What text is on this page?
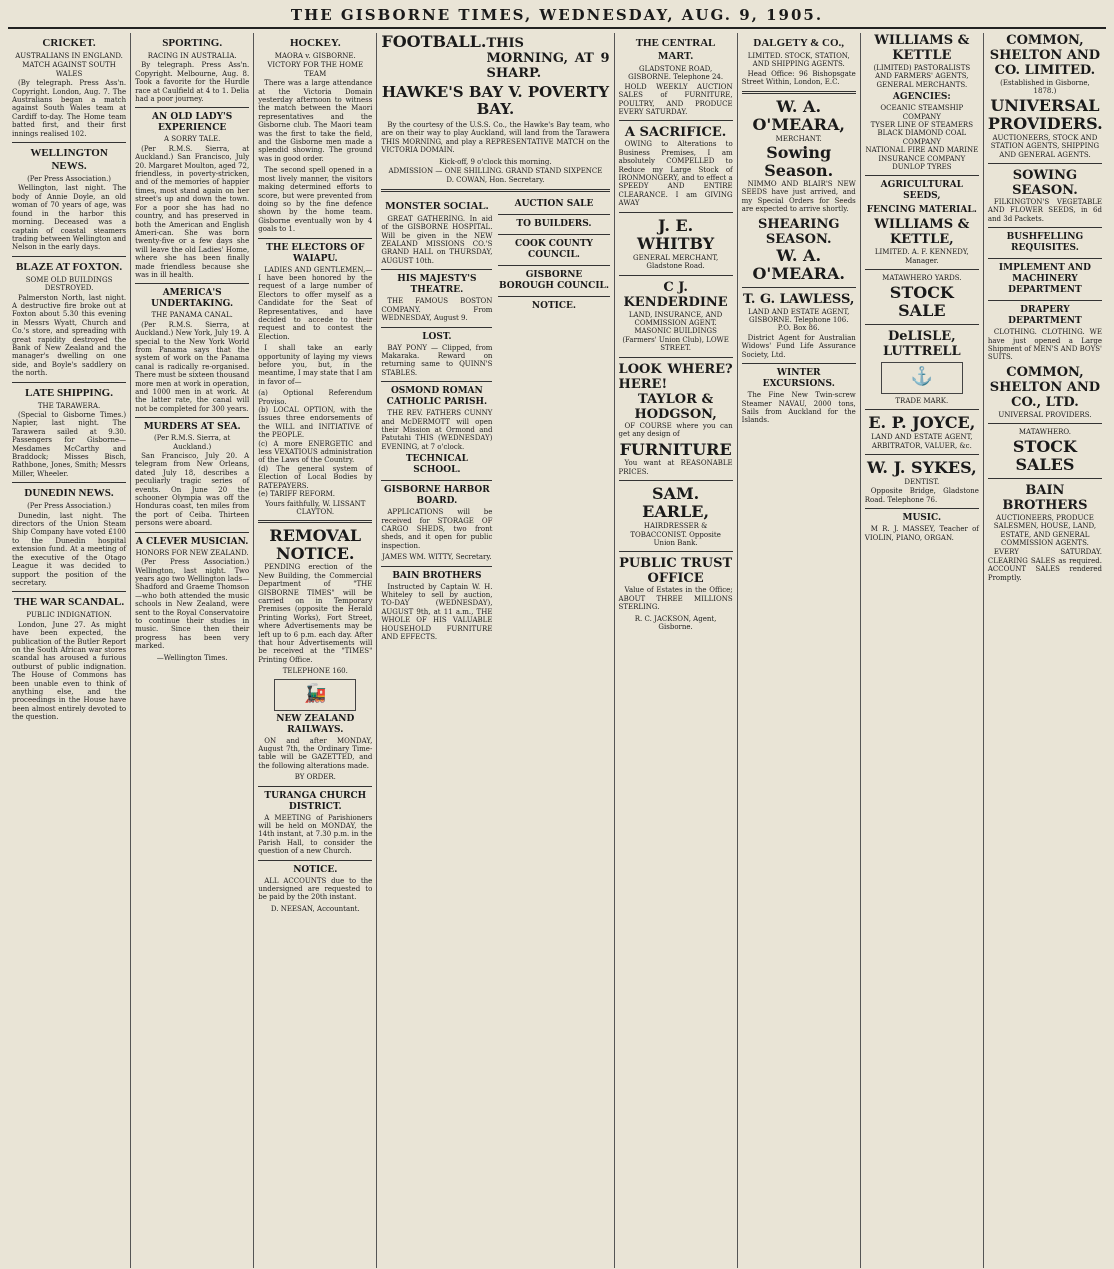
THE GISBORNE TIMES, WEDNESDAY, AUG. 9, 1905.
CRICKET.
AUSTRALIANS IN ENGLAND.
MATCH AGAINST SOUTH WALES

(By telegraph. Press Ass'n. Copyright. London, Aug. 7. The Australians began a match against South Wales team at Cardiff to-day. The Home team batted first, and their first innings realised 102.

WELLINGTON NEWS.
(Per Press Association.)

Wellington, last night. The body of Annie Doyle, an old woman of 70 years of age, was found in the harbor this morning. Deceased was a captain of coastal steamers trading between Wellington and Nelson in the early days.

BLAZE AT FOXTON.
SOME OLD BUILDINGS DESTROYED.

Palmerston North, last night. A destructive fire broke out at Foxton about 5.30 this evening in Messrs Wyatt, Church and Co.'s store, and spreading with great rapidity destroyed the Bank of New Zealand and the manager's dwelling on one side, and Boyle's saddlery on the north.

LATE SHIPPING.
THE TARAWERA.

(Special to Gisborne Times.) Napier, last night. The Tarawera sailed at 9.30. Passengers for Gisborne—Mesdames McCarthy and Braddock; Misses Bisch, Rathbone, Jones, Smith; Messrs Miller, Wheeler.

DUNEDIN NEWS.
(Per Press Association.)

Dunedin, last night. The directors of the Union Steam Ship Company have voted £100 to the Dunedin hospital extension fund. At a meeting of the executive of the Otago League it was decided to support the position of the secretary.

THE WAR SCANDAL.
PUBLIC INDIGNATION.

London, June 27. As might have been expected, the publication of the Butler Report on the South African war stores scandal has aroused a furious outburst of public indignation. The House of Commons has been unable even to think of anything else, and the proceedings in the House have been almost entirely devoted to the question.

SPORTING.
RACING IN AUSTRALIA.

By telegraph. Press Ass'n. Copyright. Melbourne, Aug. 8. Took a favorite for the Hurdle race at Caulfield at 4 to 1. Delia had a poor journey.

AN OLD LADY'S EXPERIENCE
A SORRY TALE.

(Per R.M.S. Sierra, at Auckland.) San Francisco, July 20. Margaret Moulton, aged 72, friendless, in poverty-stricken, and of the memories of happier times, most stand again on her street's up and down the town. For a poor she has had no country, and has preserved in both the American and English Ameri-can. She was born twenty-five or a few days she will leave the old Ladies' Home, where she has been finally made friendless because she was in ill health.

AMERICA'S UNDERTAKING.
THE PANAMA CANAL.

(Per R.M.S. Sierra, at Auckland.) New York, July 19. A special to the New York World from Panama says that the system of work on the Panama canal is radically re-organised. There must be sixteen thousand more men at work in operation, and 1000 men in at work. At the latter rate, the canal will not be completed for 300 years.

MURDERS AT SEA.
(Per R.M.S. Sierra, at Auckland.)

San Francisco, July 20. A telegram from New Orleans, dated July 18, describes a peculiarly tragic series of events. On June 20 the schooner Olympia was off the Honduras coast, ten miles from the port of Ceiba. Thirteen persons were aboard.

A CLEVER MUSICIAN.
HONORS FOR NEW ZEALAND.

(Per Press Association.) Wellington, last night. Two years ago two Wellington lads—Shadford and Graeme Thomson—who both attended the music schools in New Zealand, were sent to the Royal Conservatoire to continue their studies in music. Since then their progress has been very marked.

—Wellington Times.
HOCKEY.
MAORA v. GISBORNE.
VICTORY FOR THE HOME TEAM

There was a large attendance at the Victoria Domain yesterday afternoon to witness the match between the Maori representatives and the Gisborne club. The Maori team was the first to take the field, and the Gisborne men made a splendid showing. The ground was in good order.

The second spell opened in a most lively manner, the visitors making determined efforts to score, but were prevented from doing so by the fine defence shown by the home team. Gisborne eventually won by 4 goals to 1.

THE ELECTORS OF WAIAPU.

LADIES AND GENTLEMEN,— I have been honored by the request of a large number of Electors to offer myself as a Candidate for the Seat of Representatives, and have decided to accede to their request and to contest the Election.

I shall take an early opportunity of laying my views before you, but, in the meantime, I may state that I am in favor of—

(a) Optional Referendum Proviso.
(b) LOCAL OPTION, with the Issues three endorsements of the WILL and INITIATIVE of the PEOPLE.
(c) A more ENERGETIC and less VEXATIOUS administration of the Laws of the Country.
(d) The general system of Election of Local Bodies by RATEPAYERS.
(e) TARIFF REFORM.
Yours faithfully, W. LISSANT CLAYTON.
REMOVAL NOTICE.

PENDING erection of the New Building, the Commercial Department of "THE GISBORNE TIMES" will be carried on in Temporary Premises (opposite the Herald Printing Works), Fort Street, where Advertisements may be left up to 6 p.m. each day. After that hour Advertisements will be received at the "TIMES" Printing Office.

TELEPHONE 160.
🚂
NEW ZEALAND RAILWAYS.

ON and after MONDAY, August 7th, the Ordinary Time-table will be GAZETTED, and the following alterations made.

BY ORDER.
TURANGA CHURCH DISTRICT.

A MEETING of Parishioners will be held on MONDAY, the 14th instant, at 7.30 p.m. in the Parish Hall, to consider the question of a new Church.

NOTICE.

ALL ACCOUNTS due to the undersigned are requested to be paid by the 20th instant.

D. NEESAN, Accountant.
FOOTBALL. THIS MORNING, AT 9 SHARP.
HAWKE'S BAY V. POVERTY BAY.

By the courtesy of the U.S.S. Co., the Hawke's Bay team, who are on their way to play Auckland, will land from the Tarawera THIS MORNING, and play a REPRESENTATIVE MATCH on the VICTORIA DOMAIN.

Kick-off, 9 o'clock this morning.
ADMISSION — ONE SHILLING. GRAND STAND SIXPENCE
D. COWAN, Hon. Secretary.
MONSTER SOCIAL.

GREAT GATHERING. In aid of the GISBORNE HOSPITAL. Will be given in the NEW ZEALAND MISSIONS CO.'S GRAND HALL on THURSDAY, AUGUST 10th.

HIS MAJESTY'S THEATRE.

THE FAMOUS BOSTON COMPANY. From WEDNESDAY, August 9.

LOST.

BAY PONY — Clipped, from Makaraka. Reward on returning same to QUINN'S STABLES.

OSMOND ROMAN CATHOLIC PARISH.

THE REV. FATHERS CUNNY and McDERMOTT will open their Mission at Ormond and Patutahi THIS (WEDNESDAY) EVENING, at 7 o'clock.

TECHNICAL SCHOOL.
GISBORNE HARBOR BOARD.

APPLICATIONS will be received for STORAGE OF CARGO SHEDS, two front sheds, and it open for public inspection.

JAMES WM. WITTY, Secretary.
BAIN BROTHERS

Instructed by Captain W. H. Whiteley to sell by auction, TO-DAY (WEDNESDAY), AUGUST 9th, at 11 a.m., THE WHOLE OF HIS VALUABLE HOUSEHOLD FURNITURE AND EFFECTS.

AUCTION SALE
TO BUILDERS.
COOK COUNTY COUNCIL.
GISBORNE BOROUGH COUNCIL.
NOTICE.
THE CENTRAL MART.
GLADSTONE ROAD, GISBORNE. Telephone 24.

HOLD WEEKLY AUCTION SALES of FURNITURE, POULTRY, AND PRODUCE EVERY SATURDAY.

A SACRIFICE.

OWING to Alterations to Business Premises, I am absolutely COMPELLED to Reduce my Large Stock of IRONMONGERY, and to effect a SPEEDY AND ENTIRE CLEARANCE. I am GIVING AWAY

J. E. WHITBY
GENERAL MERCHANT, Gladstone Road.
C J. KENDERDINE
LAND, INSURANCE, AND COMMISSION AGENT. MASONIC BUILDINGS (Farmers' Union Club), LOWE STREET.
LOOK HERE!
WHERE?
TAYLOR & HODGSON,

OF COURSE where you can get any design of

FURNITURE

You want at REASONABLE PRICES.

SAM. EARLE,
HAIRDRESSER & TOBACCONIST. Opposite Union Bank.
PUBLIC TRUST OFFICE

Value of Estates in the Office; ABOUT THREE MILLIONS STERLING.

R. C. JACKSON, Agent, Gisborne.
DALGETY & CO.,
LIMITED. STOCK, STATION, AND SHIPPING AGENTS.

Head Office: 96 Bishopsgate Street Within, London, E.C.

W. A. O'MEARA,
MERCHANT.
Sowing Season.

NIMMO AND BLAIR'S NEW SEEDS have just arrived, and my Special Orders for Seeds are expected to arrive shortly.

SHEARING SEASON.
W. A. O'MEARA.
T. G. LAWLESS,
LAND AND ESTATE AGENT, GISBORNE. Telephone 106. P.O. Box 86.

District Agent for Australian Widows' Fund Life Assurance Society, Ltd.

WINTER EXCURSIONS.

The Fine New Twin-screw Steamer NAVAU, 2000 tons, Sails from Auckland for the Islands.

WILLIAMS & KETTLE
(LIMITED) PASTORALISTS AND FARMERS' AGENTS, GENERAL MERCHANTS.
AGENCIES:
OCEANIC STEAMSHIP COMPANY
TYSER LINE OF STEAMERS
BLACK DIAMOND COAL COMPANY
NATIONAL FIRE AND MARINE INSURANCE COMPANY
DUNLOP TYRES
AGRICULTURAL SEEDS,
FENCING MATERIAL.
WILLIAMS & KETTLE,
LIMITED. A. F. KENNEDY, Manager.
MATAWHERO YARDS.
STOCK SALE
DeLISLE, LUTTRELL
⚓
TRADE MARK.
E. P. JOYCE,
LAND AND ESTATE AGENT, ARBITRATOR, VALUER, &c.
W. J. SYKES,
DENTIST.

Opposite Bridge, Gladstone Road. Telephone 76.

MUSIC.

M R. J. MASSEY, Teacher of VIOLIN, PIANO, ORGAN.

COMMON, SHELTON AND CO. LIMITED.
(Established in Gisborne, 1878.)
UNIVERSAL PROVIDERS.
AUCTIONEERS, STOCK AND STATION AGENTS, SHIPPING AND GENERAL AGENTS.
SOWING SEASON.

FILKINGTON'S VEGETABLE AND FLOWER SEEDS, in 6d and 3d Packets.

BUSHFELLING REQUISITES.
IMPLEMENT AND MACHINERY DEPARTMENT
DRAPERY DEPARTMENT

CLOTHING. CLOTHING. WE have just opened a Large Shipment of MEN'S AND BOYS' SUITS.

COMMON, SHELTON AND CO., LTD.
UNIVERSAL PROVIDERS.
MATAWHERO.
STOCK SALES
BAIN BROTHERS
AUCTIONEERS, PRODUCE SALESMEN, HOUSE, LAND, ESTATE, AND GENERAL COMMISSION AGENTS.

EVERY SATURDAY. CLEARING SALES as required. ACCOUNT SALES rendered Promptly.
